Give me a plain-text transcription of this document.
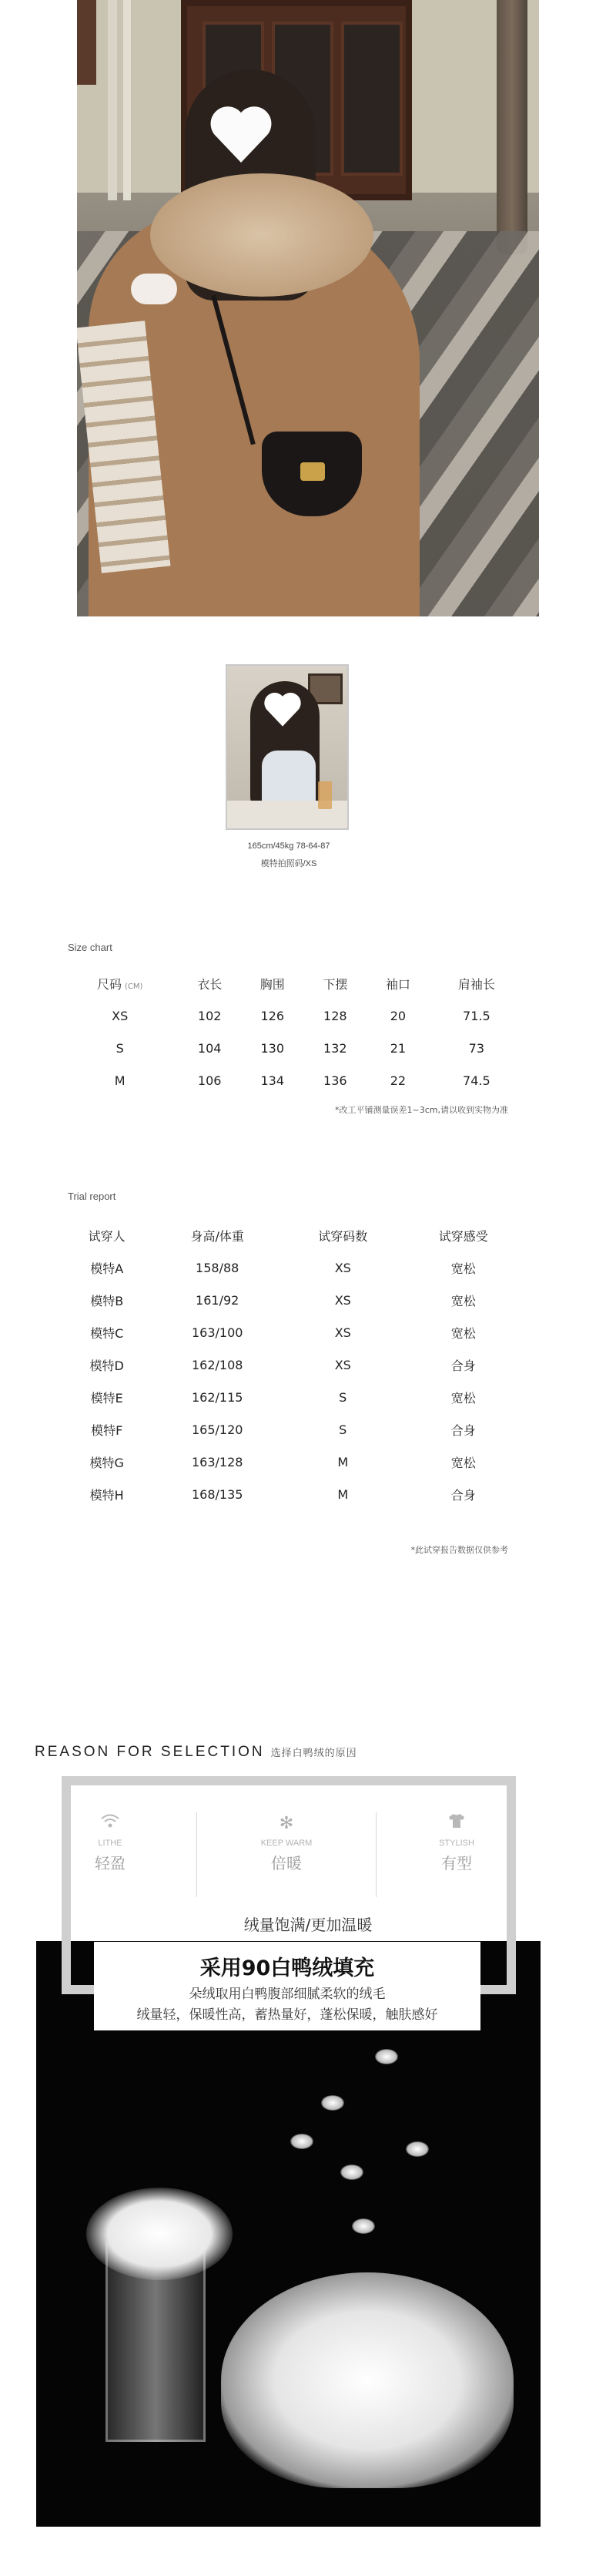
165cm/45kg 78-64-87
模特拍照码/XS
Size chart
尺码 (CM)	衣长	胸围	下摆	袖口	肩袖长
XS	102	126	128	20	71.5
S	104	130	132	21	73
M	106	134	136	22	74.5
*改工平铺测量误差1~3cm,请以收到实物为准
Trial report
试穿人	身高/体重	试穿码数	试穿感受
模特A	158/88	XS	宽松
模特B	161/92	XS	宽松
模特C	163/100	XS	宽松
模特D	162/108	XS	合身
模特E	162/115	S	宽松
模特F	165/120	S	合身
模特G	163/128	M	宽松
模特H	168/135	M	合身
*此试穿报告数据仅供参考
REASON FOR SELECTION 选择白鸭绒的原因
LITHE
轻盈
✻
KEEP WARM
倍暖
STYLISH
有型
绒量饱满/更加温暖
采用90白鸭绒填充
朵绒取用白鸭腹部细腻柔软的绒毛
绒量轻，保暖性高，蓄热量好，蓬松保暖，触肤感好
